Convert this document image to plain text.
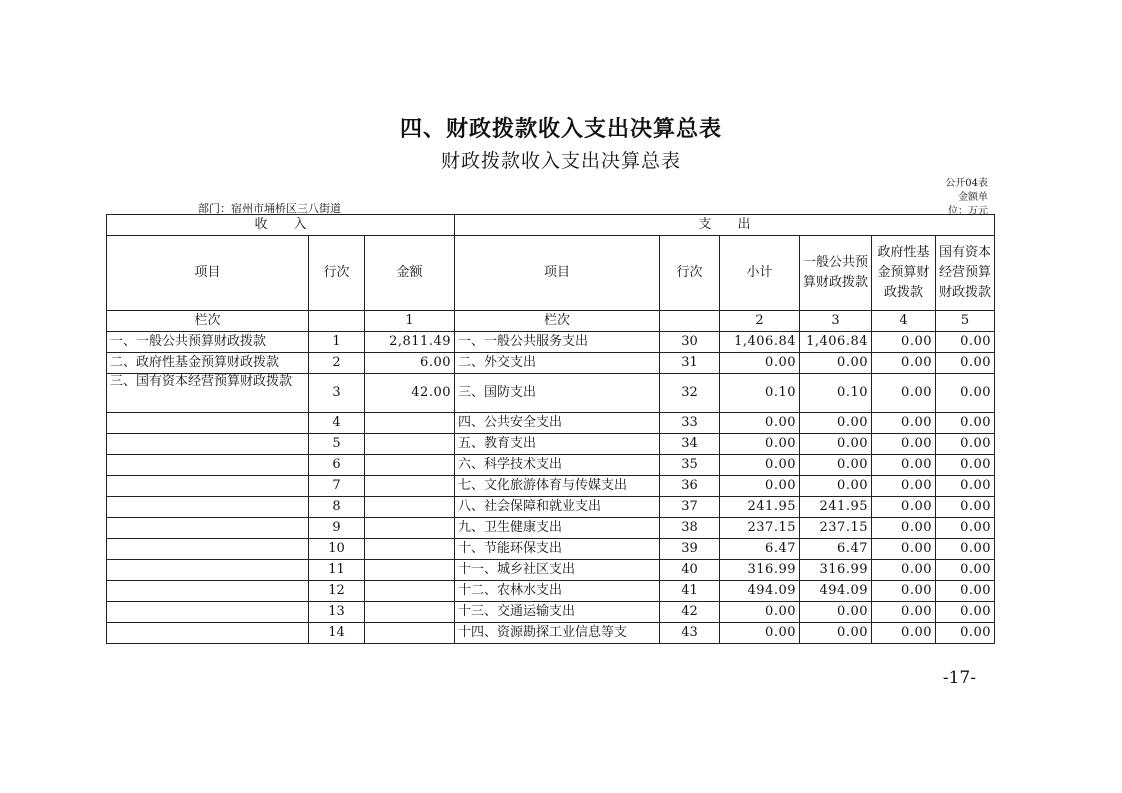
四、财政拨款收入支出决算总表
财政拨款收入支出决算总表
公开04表
金额单
位：万元
部门：宿州市埇桥区三八街道
收　　入			支　　出					
项目	行次	金额	项目	行次	小计	一般公共预算财政拨款	政府性基金预算财政拨款	国有资本经营预算财政拨款
栏次		1	栏次		2	3	4	5
一、一般公共预算财政拨款	1	2,811.49	一、一般公共服务支出	30	1,406.84	1,406.84	0.00	0.00
二、政府性基金预算财政拨款	2	6.00	二、外交支出	31	0.00	0.00	0.00	0.00
三、国有资本经营预算财政拨款	3	42.00	三、国防支出	32	0.10	0.10	0.00	0.00
	4		四、公共安全支出	33	0.00	0.00	0.00	0.00
	5		五、教育支出	34	0.00	0.00	0.00	0.00
	6		六、科学技术支出	35	0.00	0.00	0.00	0.00
	7		七、文化旅游体育与传媒支出	36	0.00	0.00	0.00	0.00
	8		八、社会保障和就业支出	37	241.95	241.95	0.00	0.00
	9		九、卫生健康支出	38	237.15	237.15	0.00	0.00
	10		十、节能环保支出	39	6.47	6.47	0.00	0.00
	11		十一、城乡社区支出	40	316.99	316.99	0.00	0.00
	12		十二、农林水支出	41	494.09	494.09	0.00	0.00
	13		十三、交通运输支出	42	0.00	0.00	0.00	0.00
	14		十四、资源勘探工业信息等支	43	0.00	0.00	0.00	0.00
-17-
